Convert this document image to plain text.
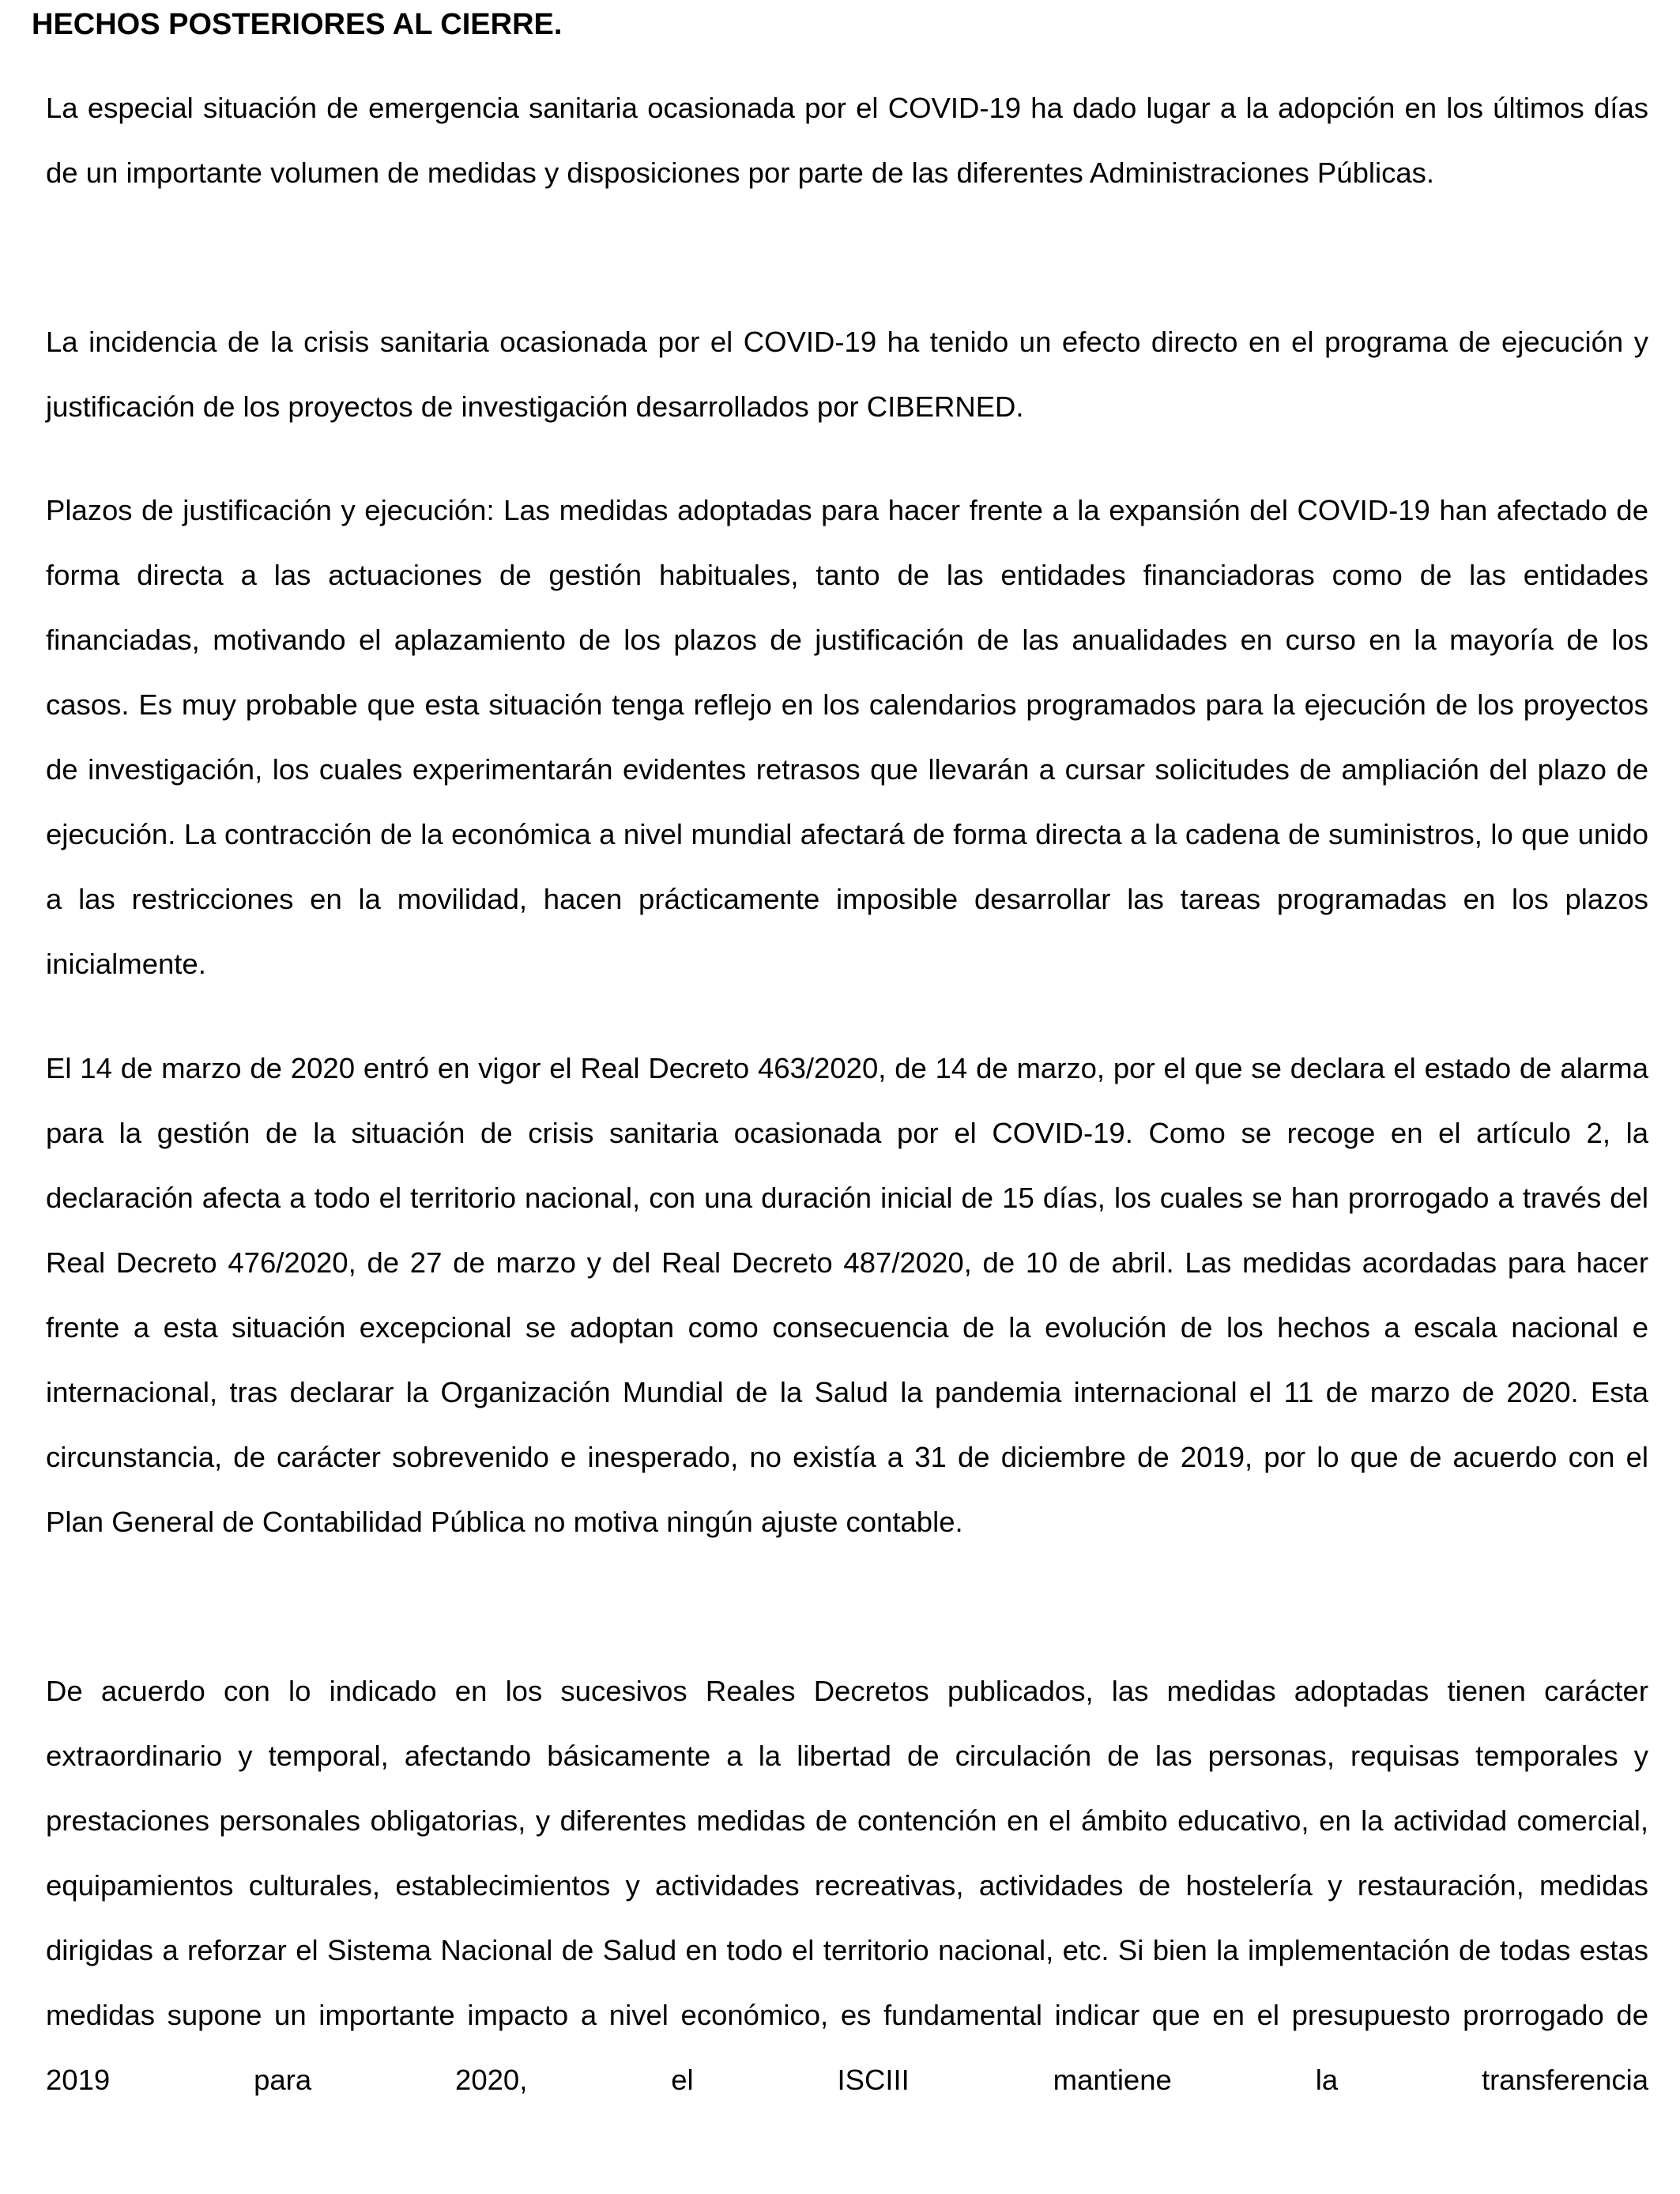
HECHOS POSTERIORES AL CIERRE.

La especial situación de emergencia sanitaria ocasionada por el COVID-19 ha dado lugar a la adopción en los últimos días de un importante volumen de medidas y disposiciones por parte de las diferentes Administraciones Públicas.

La incidencia de la crisis sanitaria ocasionada por el COVID-19 ha tenido un efecto directo en el programa de ejecución y justificación de los proyectos de investigación desarrollados por CIBERNED.

Plazos de justificación y ejecución: Las medidas adoptadas para hacer frente a la expansión del COVID-19 han afectado de forma directa a las actuaciones de gestión habituales, tanto de las entidades financiadoras como de las entidades financiadas, motivando el aplazamiento de los plazos de justificación de las anualidades en curso en la mayoría de los casos. Es muy probable que esta situación tenga reflejo en los calendarios programados para la ejecución de los proyectos de investigación, los cuales experimentarán evidentes retrasos que llevarán a cursar solicitudes de ampliación del plazo de ejecución. La contracción de la económica a nivel mundial afectará de forma directa a la cadena de suministros, lo que unido a las restricciones en la movilidad, hacen prácticamente imposible desarrollar las tareas programadas en los plazos inicialmente.

El 14 de marzo de 2020 entró en vigor el Real Decreto 463/2020, de 14 de marzo, por el que se declara el estado de alarma para la gestión de la situación de crisis sanitaria ocasionada por el COVID-19. Como se recoge en el artículo 2, la declaración afecta a todo el territorio nacional, con una duración inicial de 15 días, los cuales se han prorrogado a través del Real Decreto 476/2020, de 27 de marzo y del Real Decreto 487/2020, de 10 de abril. Las medidas acordadas para hacer frente a esta situación excepcional se adoptan como consecuencia de la evolución de los hechos a escala nacional e internacional, tras declarar la Organización Mundial de la Salud la pandemia internacional el 11 de marzo de 2020. Esta circunstancia, de carácter sobrevenido e inesperado, no existía a 31 de diciembre de 2019, por lo que de acuerdo con el Plan General de Contabilidad Pública no motiva ningún ajuste contable.

De acuerdo con lo indicado en los sucesivos Reales Decretos publicados, las medidas adoptadas tienen carácter extraordinario y temporal, afectando básicamente a la libertad de circulación de las personas, requisas temporales y prestaciones personales obligatorias, y diferentes medidas de contención en el ámbito educativo, en la actividad comercial, equipamientos culturales, establecimientos y actividades recreativas, actividades de hostelería y restauración, medidas dirigidas a reforzar el Sistema Nacional de Salud en todo el territorio nacional, etc. Si bien la implementación de todas estas medidas supone un importante impacto a nivel económico, es fundamental indicar que en el presupuesto prorrogado de 2019 para 2020, el ISCIII mantiene la transferencia
